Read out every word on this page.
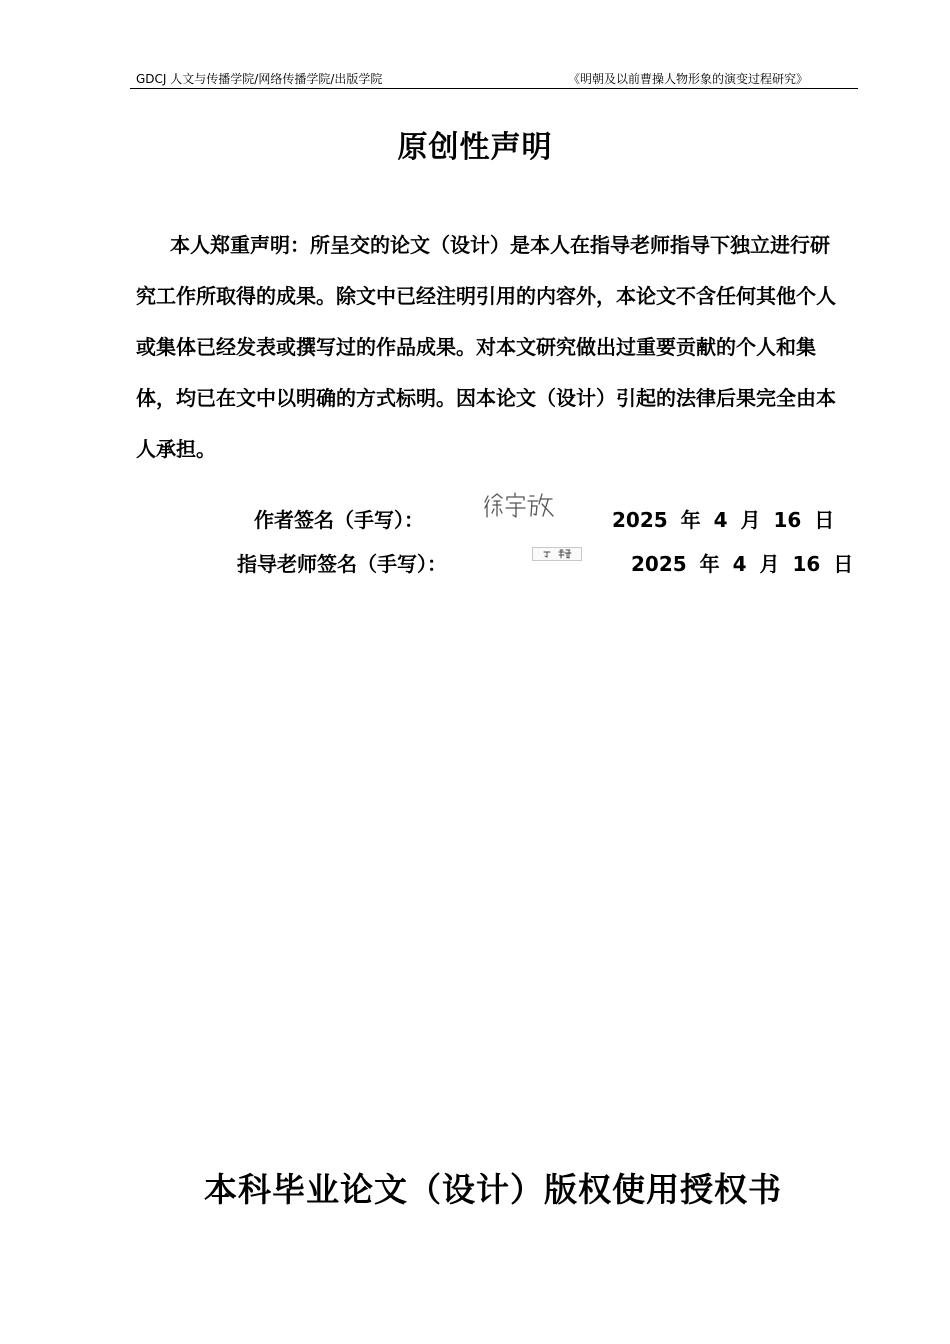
GDCJ 人文与传播学院/网络传播学院/出版学院	《明朝及以前曹操人物形象的演变过程研究》
原创性声明

本人郑重声明：所呈交的论文（设计）是本人在指导老师指导下独立进行研究工作所取得的成果。除文中已经注明引用的内容外，本论文不含任何其他个人或集体已经发表或撰写过的作品成果。对本文研究做出过重要贡献的个人和集体，均已在文中以明确的方式标明。因本论文（设计）引起的法律后果完全由本人承担。

作者签名（手写）：	2025 年 4 月 16 日
指导老师签名（手写）：	2025 年 4 月 16 日
本科毕业论文（设计）版权使用授权书
